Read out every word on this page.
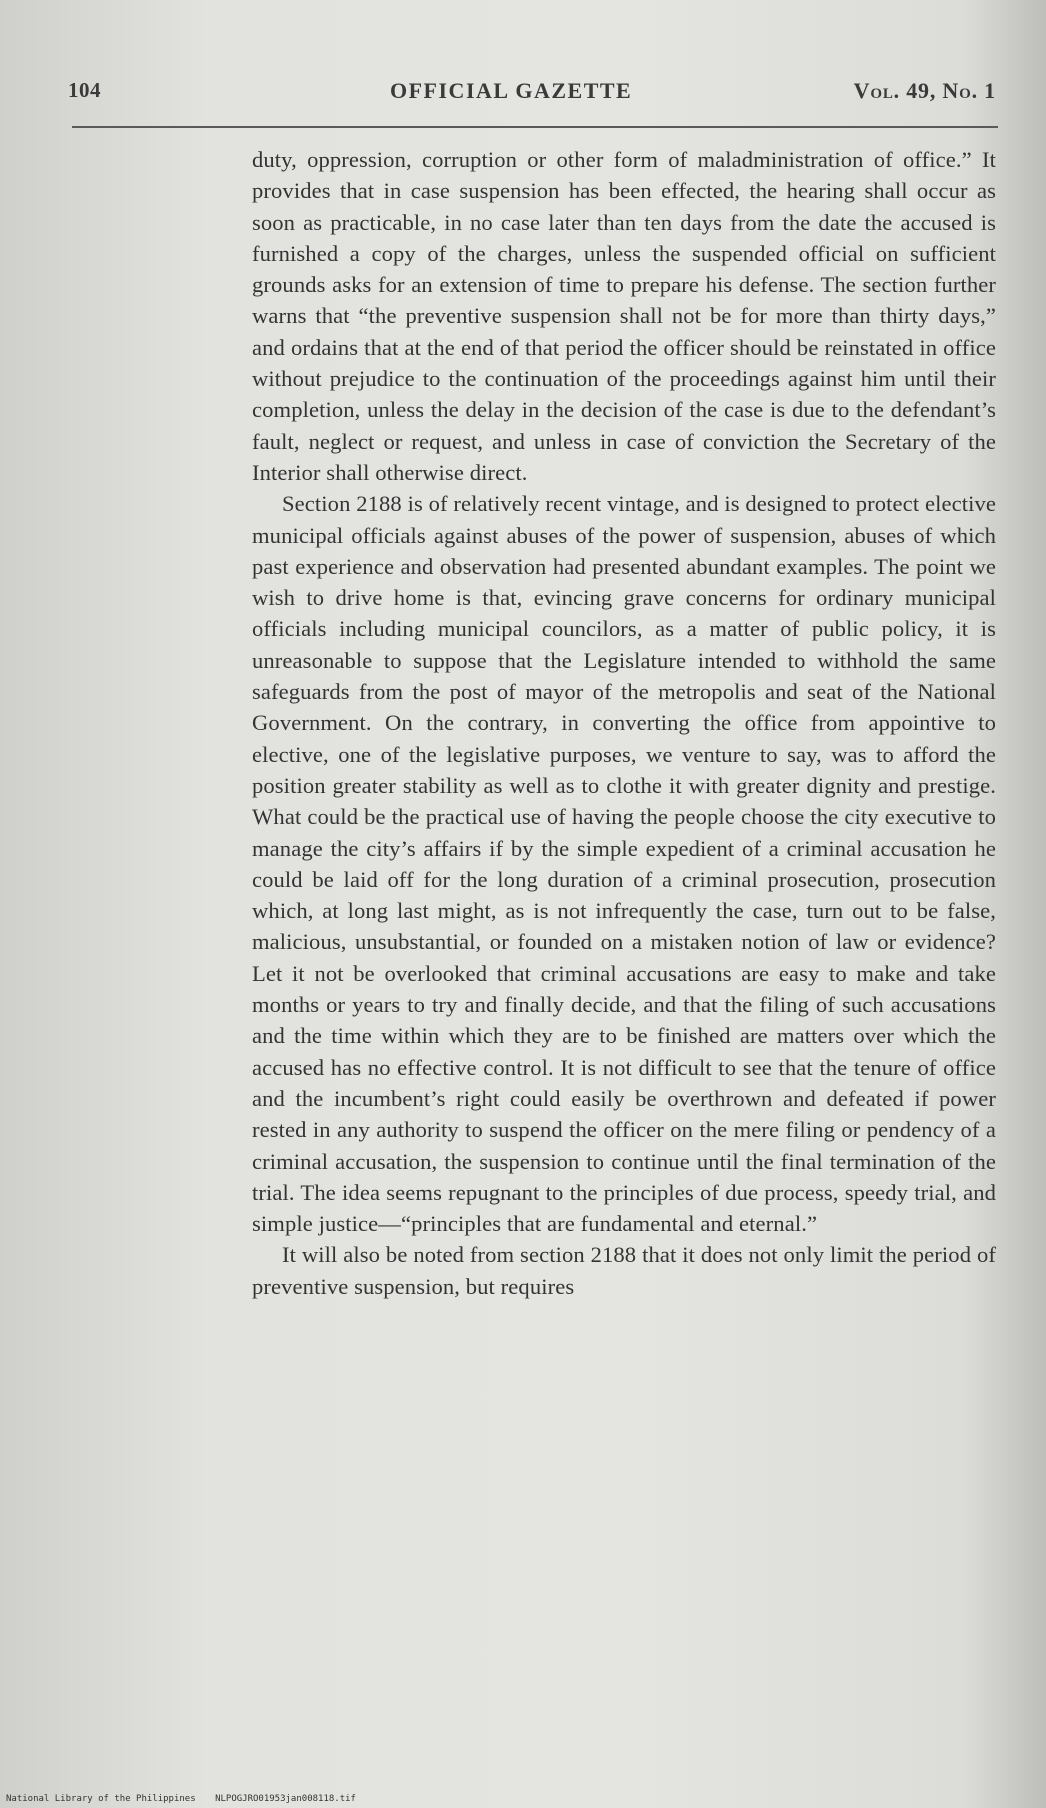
104	OFFICIAL GAZETTE	Vol. 49, No. 1

duty, oppression, corruption or other form of maladministration of office.” It provides that in case suspension has been effected, the hearing shall occur as soon as practicable, in no case later than ten days from the date the accused is furnished a copy of the charges, unless the suspended official on sufficient grounds asks for an extension of time to prepare his defense. The section further warns that “the preventive suspension shall not be for more than thirty days,” and ordains that at the end of that period the officer should be reinstated in office without prejudice to the continuation of the proceedings against him until their completion, unless the delay in the decision of the case is due to the defendant’s fault, neglect or request, and unless in case of conviction the Secretary of the Interior shall otherwise direct.

Section 2188 is of relatively recent vintage, and is designed to protect elective municipal officials against abuses of the power of suspension, abuses of which past experience and observation had presented abundant examples. The point we wish to drive home is that, evincing grave concerns for ordinary municipal officials including municipal councilors, as a matter of public policy, it is unreasonable to suppose that the Legislature intended to withhold the same safeguards from the post of mayor of the metropolis and seat of the National Government. On the contrary, in converting the office from appointive to elective, one of the legislative purposes, we venture to say, was to afford the position greater stability as well as to clothe it with greater dignity and prestige. What could be the practical use of having the people choose the city executive to manage the city’s affairs if by the simple expedient of a criminal accusation he could be laid off for the long duration of a criminal prosecution, prosecution which, at long last might, as is not infrequently the case, turn out to be false, malicious, unsubstantial, or founded on a mistaken notion of law or evidence? Let it not be overlooked that criminal accusations are easy to make and take months or years to try and finally decide, and that the filing of such accusations and the time within which they are to be finished are matters over which the accused has no effective control. It is not difficult to see that the tenure of office and the incumbent’s right could easily be overthrown and defeated if power rested in any authority to suspend the officer on the mere filing or pendency of a criminal accusation, the suspension to continue until the final termination of the trial. The idea seems repugnant to the principles of due process, speedy trial, and simple justice—“principles that are fundamental and eternal.”

It will also be noted from section 2188 that it does not only limit the period of preventive suspension, but requires

National Library of the Philippines NLPOGJRO01953jan008118.tif
